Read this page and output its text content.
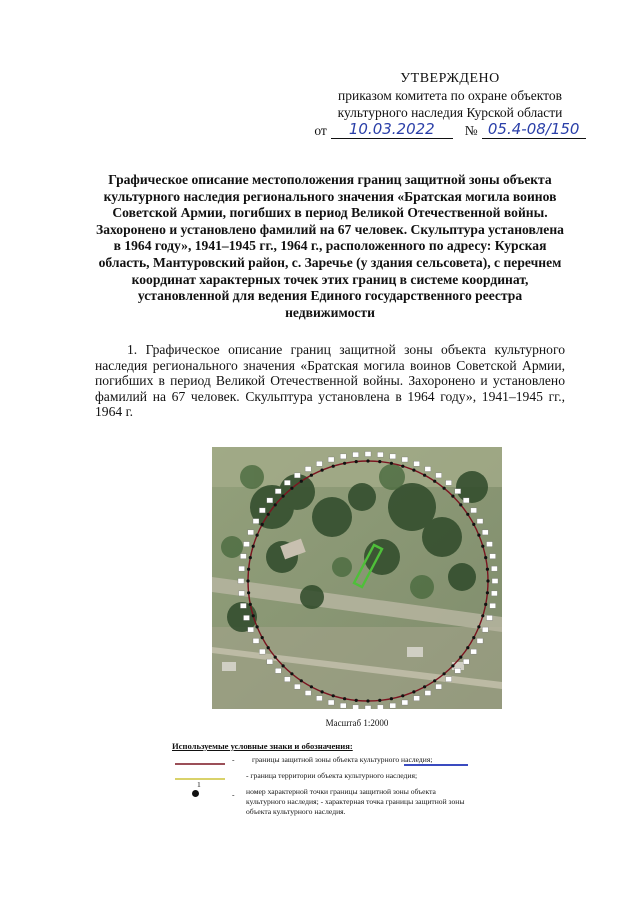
УТВЕРЖДЕНО
приказом комитета по охране объектов
культурного наследия Курской области
от	10.03.2022	№ 05.4-08/150
Графическое описание местоположения границ защитной зоны объекта культурного наследия регионального значения «Братская могила воинов Советской Армии, погибших в период Великой Отечественной войны. Захоронено и установлено фамилий на 67 человек. Скульптура установлена в 1964 году», 1941–1945 гг., 1964 г., расположенного по адресу: Курская область, Мантуровский район, с. Заречье (у здания сельсовета), с перечнем координат характерных точек этих границ в системе координат, установленной для ведения Единого государственного реестра недвижимости
1. Графическое описание границ защитной зоны объекта культурного наследия регионального значения «Братская могила воинов Советской Армии, погибших в период Великой Отечественной войны. Захоронено и установлено фамилий на 67 человек. Скульптура установлена в 1964 году», 1941–1945 гг., 1964 г.
Масштаб 1:2000
Используемые условные знаки и обозначения:
- границы защитной зоны объекта культурного наследия;
- граница территории объекта культурного наследия;
1
- номер характерной точки границы защитной зоны объекта культурного наследия; - характерная точка границы защитной зоны объекта культурного наследия.
